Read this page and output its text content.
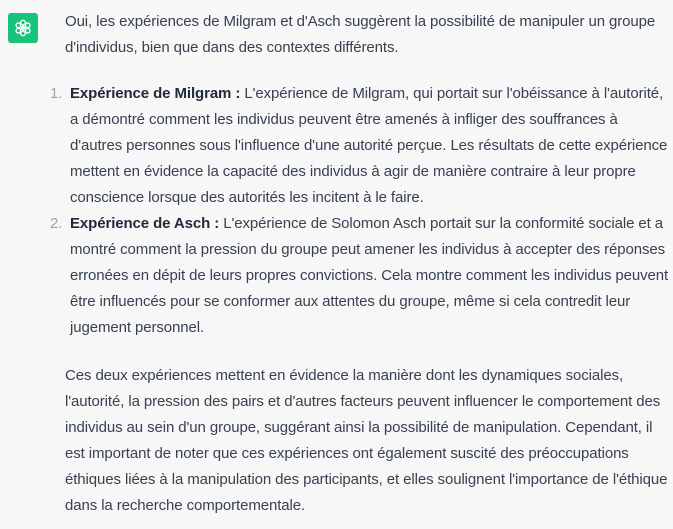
Oui, les expériences de Milgram et d'Asch suggèrent la possibilité de manipuler un groupe d'individus, bien que dans des contextes différents.

1. Expérience de Milgram : L'expérience de Milgram, qui portait sur l'obéissance à l'autorité, a démontré comment les individus peuvent être amenés à infliger des souffrances à d'autres personnes sous l'influence d'une autorité perçue. Les résultats de cette expérience mettent en évidence la capacité des individus à agir de manière contraire à leur propre conscience lorsque des autorités les incitent à le faire.
2. Expérience de Asch : L'expérience de Solomon Asch portait sur la conformité sociale et a montré comment la pression du groupe peut amener les individus à accepter des réponses erronées en dépit de leurs propres convictions. Cela montre comment les individus peuvent être influencés pour se conformer aux attentes du groupe, même si cela contredit leur jugement personnel.

Ces deux expériences mettent en évidence la manière dont les dynamiques sociales, l'autorité, la pression des pairs et d'autres facteurs peuvent influencer le comportement des individus au sein d'un groupe, suggérant ainsi la possibilité de manipulation. Cependant, il est important de noter que ces expériences ont également suscité des préoccupations éthiques liées à la manipulation des participants, et elles soulignent l'importance de l'éthique dans la recherche comportementale.
